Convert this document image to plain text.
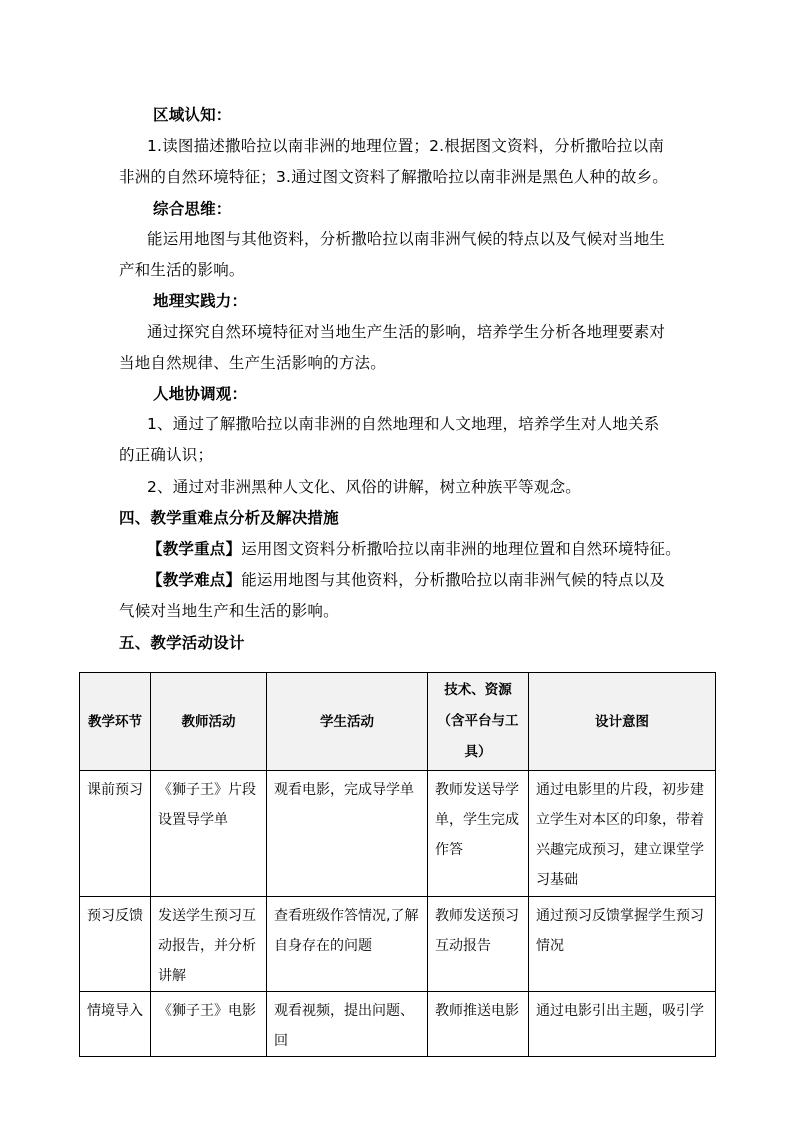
区域认知：
1.读图描述撒哈拉以南非洲的地理位置；2.根据图文资料，分析撒哈拉以南
非洲的自然环境特征；3.通过图文资料了解撒哈拉以南非洲是黑色人种的故乡。
综合思维：
能运用地图与其他资料，分析撒哈拉以南非洲气候的特点以及气候对当地生
产和生活的影响。
地理实践力：
通过探究自然环境特征对当地生产生活的影响，培养学生分析各地理要素对
当地自然规律、生产生活影响的方法。
人地协调观：
1、通过了解撒哈拉以南非洲的自然地理和人文地理，培养学生对人地关系
的正确认识；
2、通过对非洲黑种人文化、风俗的讲解，树立种族平等观念。
四、教学重难点分析及解决措施
【教学重点】运用图文资料分析撒哈拉以南非洲的地理位置和自然环境特征。
【教学难点】能运用地图与其他资料，分析撒哈拉以南非洲气候的特点以及
气候对当地生产和生活的影响。
五、教学活动设计
教学环节	教师活动	学生活动	技术、资源
（含平台与工
具）	设计意图
课前预习	《狮子王》片段设置导学单	观看电影，完成导学单	教师发送导学单，学生完成作答	通过电影里的片段，初步建立学生对本区的印象，带着兴趣完成预习，建立课堂学习基础
预习反馈	发送学生预习互动报告，并分析讲解	查看班级作答情况,了解自身存在的问题	教师发送预习互动报告	通过预习反馈掌握学生预习情况
情境导入	《狮子王》电影	观看视频，提出问题、回	教师推送电影	通过电影引出主题，吸引学
